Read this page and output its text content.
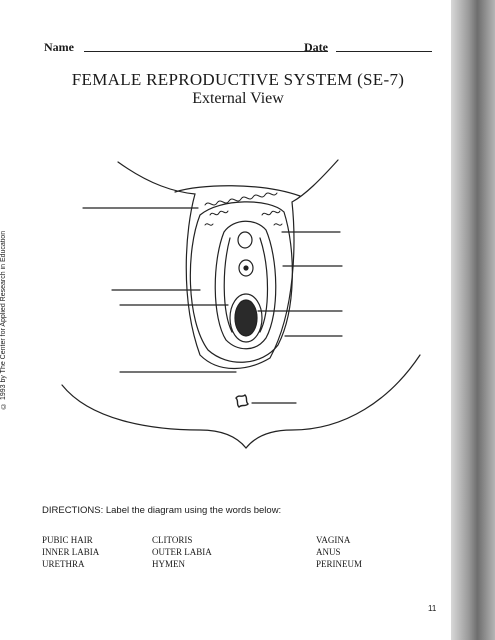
Name	Date
FEMALE REPRODUCTIVE SYSTEM (SE-7)
External View
© 1993 by The Center for Applied Research in Education
DIRECTIONS: Label the diagram using the words below:
PUBIC HAIR
INNER LABIA
URETHRA
CLITORIS
OUTER LABIA
HYMEN
VAGINA
ANUS
PERINEUM
11
